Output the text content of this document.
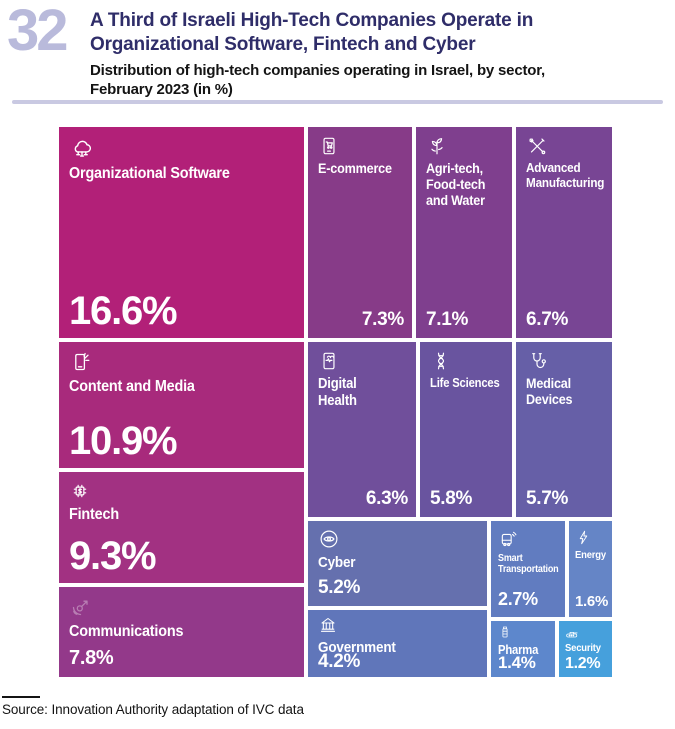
32 A Third of Israeli High-Tech Companies Operate in
Organizational Software, Fintech and Cyber
Distribution of high-tech companies operating in Israel, by sector,
February 2023 (in %)
Organizational Software
16.6%
Content and Media
10.9%
Fintech
9.3%
Communications
7.8%
E-commerce
7.3%
Agri-tech, Food-tech and Water
7.1%
Advanced Manufacturing
6.7%
Digital Health
6.3%
Life Sciences
5.8%
Medical Devices
5.7%
Cyber
5.2%
Government
4.2%
Smart Transportation
2.7%
Energy
1.6%
Pharma
1.4%
Security
1.2%
Source: Innovation Authority adaptation of IVC data
